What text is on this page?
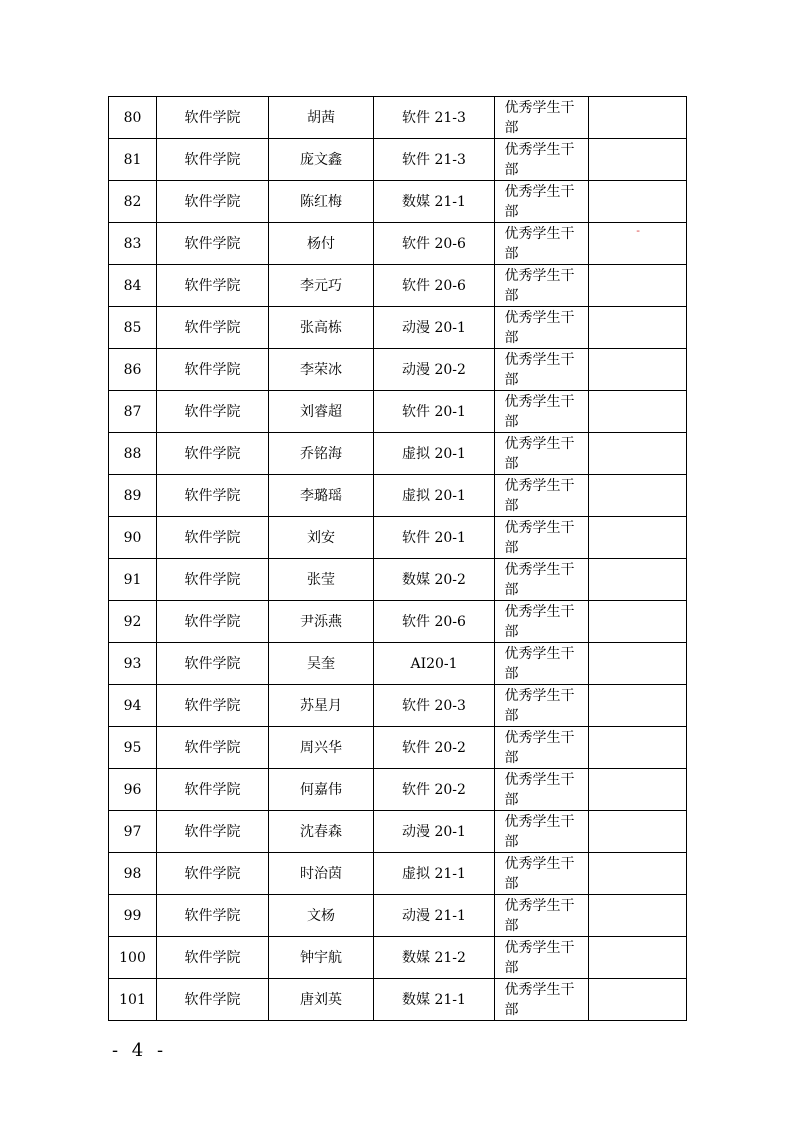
80	软件学院	胡茜	软件 21-3	优秀学生干部	

81	软件学院	庞文鑫	软件 21-3	优秀学生干部	

82	软件学院	陈红梅	数媒 21-1	优秀学生干部	

83	软件学院	杨付	软件 20-6	优秀学生干部	-

84	软件学院	李元巧	软件 20-6	优秀学生干部	

85	软件学院	张高栋	动漫 20-1	优秀学生干部	

86	软件学院	李荣冰	动漫 20-2	优秀学生干部	

87	软件学院	刘睿超	软件 20-1	优秀学生干部	

88	软件学院	乔铭海	虚拟 20-1	优秀学生干部	

89	软件学院	李璐瑶	虚拟 20-1	优秀学生干部	

90	软件学院	刘安	软件 20-1	优秀学生干部	

91	软件学院	张莹	数媒 20-2	优秀学生干部	

92	软件学院	尹泺燕	软件 20-6	优秀学生干部	

93	软件学院	吴奎	AI20-1	优秀学生干部	

94	软件学院	苏星月	软件 20-3	优秀学生干部	

95	软件学院	周兴华	软件 20-2	优秀学生干部	

96	软件学院	何嘉伟	软件 20-2	优秀学生干部	

97	软件学院	沈春森	动漫 20-1	优秀学生干部	

98	软件学院	时治茵	虚拟 21-1	优秀学生干部	

99	软件学院	文杨	动漫 21-1	优秀学生干部	

100	软件学院	钟宇航	数媒 21-2	优秀学生干部	

101	软件学院	唐刘英	数媒 21-1	优秀学生干部	

- 4 -
